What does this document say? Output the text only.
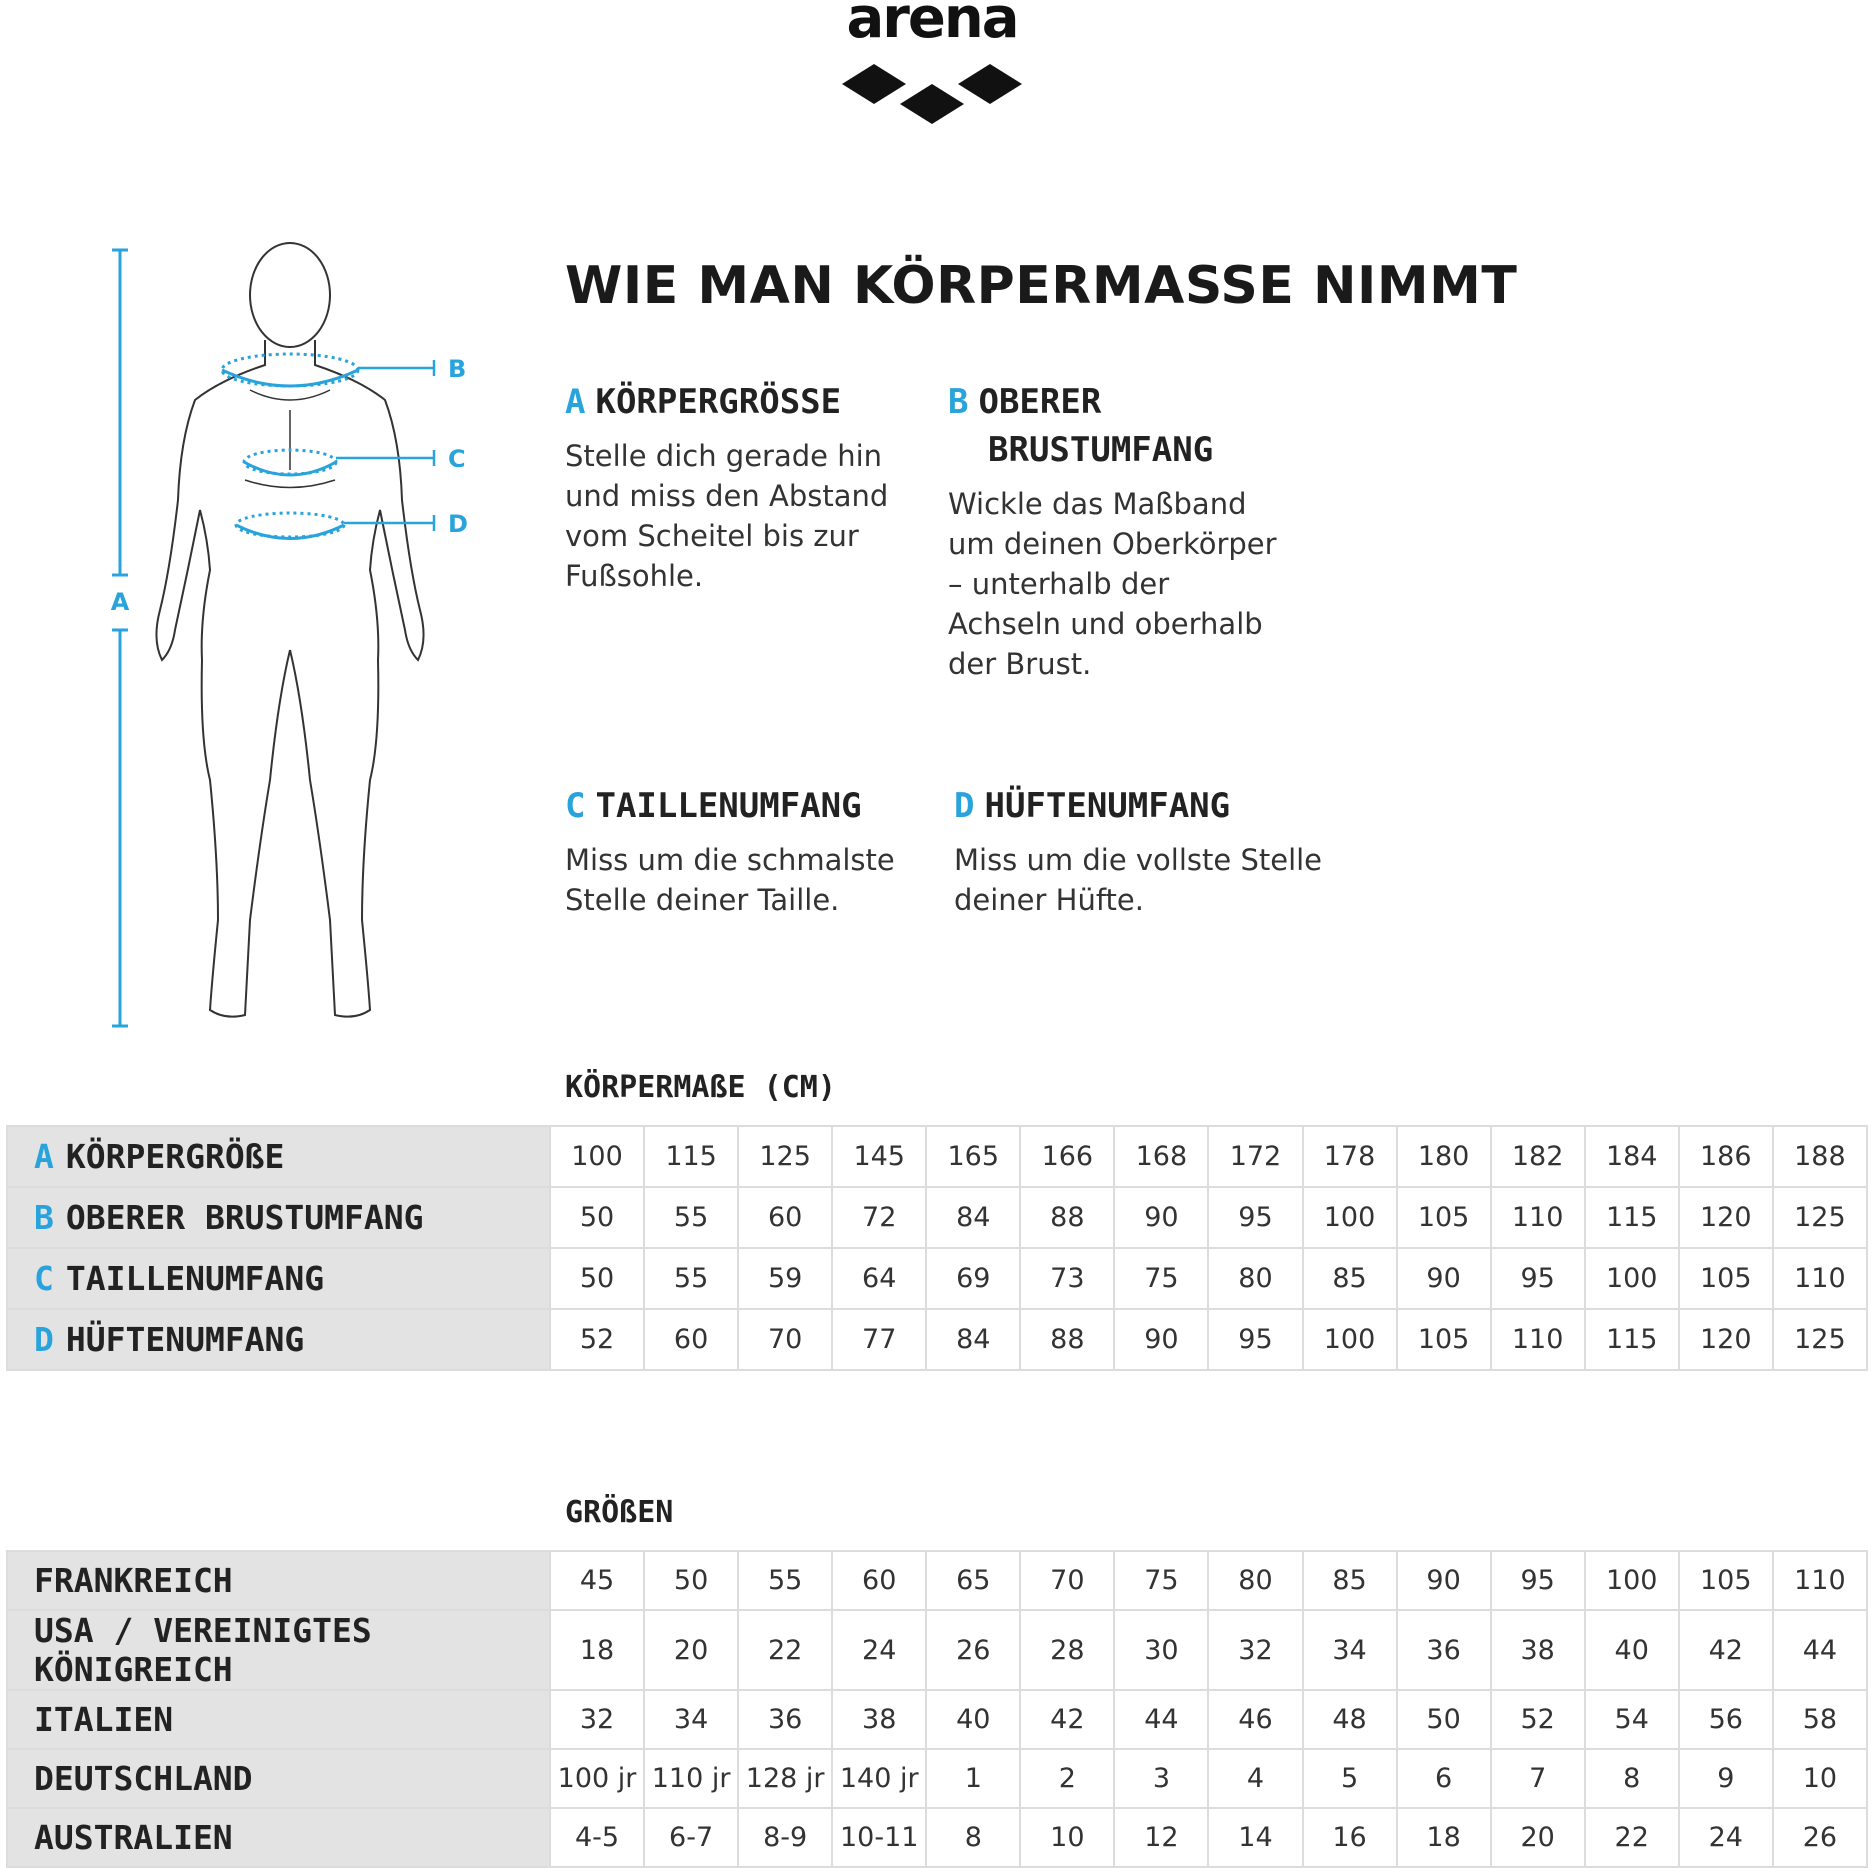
arena
A
B
C
D
WIE MAN KÖRPERMASSE NIMMT
A KÖRPERGRÖSSE
Stelle dich gerade hin und miss den Abstand vom Scheitel bis zur Fußsohle.
B OBERER BRUSTUMFANG
Wickle das Maßband um deinen Oberkörper – unterhalb der Achseln und oberhalb der Brust.
C TAILLENUMFANG
Miss um die schmalste Stelle deiner Taille.
D HÜFTENUMFANG
Miss um die vollste Stelle deiner Hüfte.
KÖRPERMAßE (CM)
A KÖRPERGRÖßE	100	115	125	145	165	166	168	172	178	180	182	184	186	188
B OBERER BRUSTUMFANG	50	55	60	72	84	88	90	95	100	105	110	115	120	125
C TAILLENUMFANG	50	55	59	64	69	73	75	80	85	90	95	100	105	110
D HÜFTENUMFANG	52	60	70	77	84	88	90	95	100	105	110	115	120	125
GRÖßEN
FRANKREICH	45	50	55	60	65	70	75	80	85	90	95	100	105	110
USA / VEREINIGTES KÖNIGREICH	18	20	22	24	26	28	30	32	34	36	38	40	42	44
ITALIEN	32	34	36	38	40	42	44	46	48	50	52	54	56	58
DEUTSCHLAND	100 jr	110 jr	128 jr	140 jr	1	2	3	4	5	6	7	8	9	10
AUSTRALIEN	4-5	6-7	8-9	10-11	8	10	12	14	16	18	20	22	24	26
